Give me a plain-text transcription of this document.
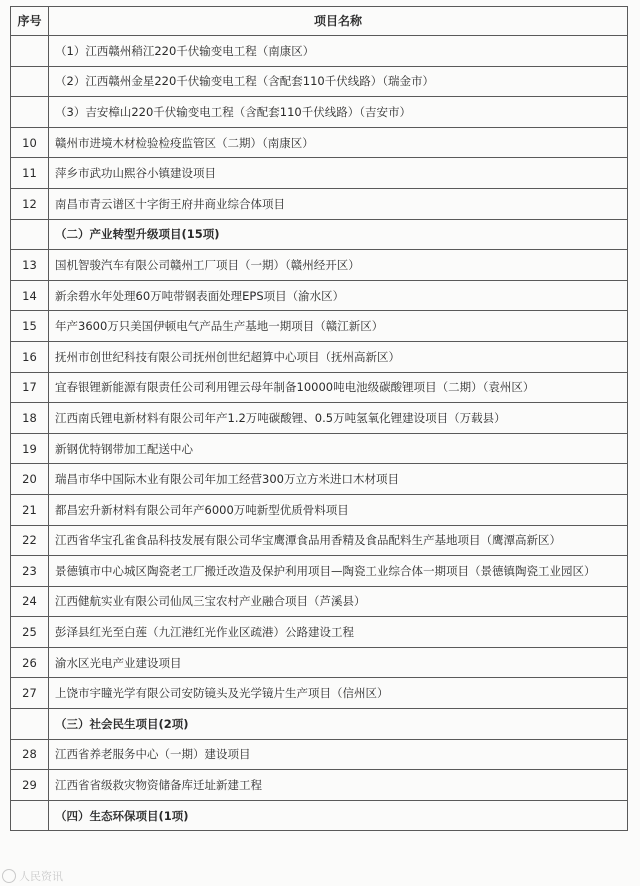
序号	项目名称
	（1）江西赣州稍江220千伏输变电工程（南康区）
	（2）江西赣州金星220千伏输变电工程（含配套110千伏线路）（瑞金市）
	（3）吉安樟山220千伏输变电工程（含配套110千伏线路）（吉安市）
10	赣州市进境木材检验检疫监管区（二期）（南康区）
11	萍乡市武功山熙谷小镇建设项目
12	南昌市青云谱区十字街王府井商业综合体项目
	（二）产业转型升级项目(15项)
13	国机智骏汽车有限公司赣州工厂项目（一期）（赣州经开区）
14	新余碧水年处理60万吨带钢表面处理EPS项目（渝水区）
15	年产3600万只美国伊顿电气产品生产基地一期项目（赣江新区）
16	抚州市创世纪科技有限公司抚州创世纪超算中心项目（抚州高新区）
17	宜春银锂新能源有限责任公司利用锂云母年制备10000吨电池级碳酸锂项目（二期）（袁州区）
18	江西南氏锂电新材料有限公司年产1.2万吨碳酸锂、0.5万吨氢氧化锂建设项目（万载县）
19	新钢优特钢带加工配送中心
20	瑞昌市华中国际木业有限公司年加工经营300万立方米进口木材项目
21	都昌宏升新材料有限公司年产6000万吨新型优质骨料项目
22	江西省华宝孔雀食品科技发展有限公司华宝鹰潭食品用香精及食品配料生产基地项目（鹰潭高新区）
23	景德镇市中心城区陶瓷老工厂搬迁改造及保护利用项目—陶瓷工业综合体一期项目（景德镇陶瓷工业园区）
24	江西健航实业有限公司仙凤三宝农村产业融合项目（芦溪县）
25	彭泽县红光至白莲（九江港红光作业区疏港）公路建设工程
26	渝水区光电产业建设项目
27	上饶市宇瞳光学有限公司安防镜头及光学镜片生产项目（信州区）
	（三）社会民生项目(2项)
28	江西省养老服务中心（一期）建设项目
29	江西省省级救灾物资储备库迁址新建工程
	（四）生态环保项目(1项)
人民资讯
